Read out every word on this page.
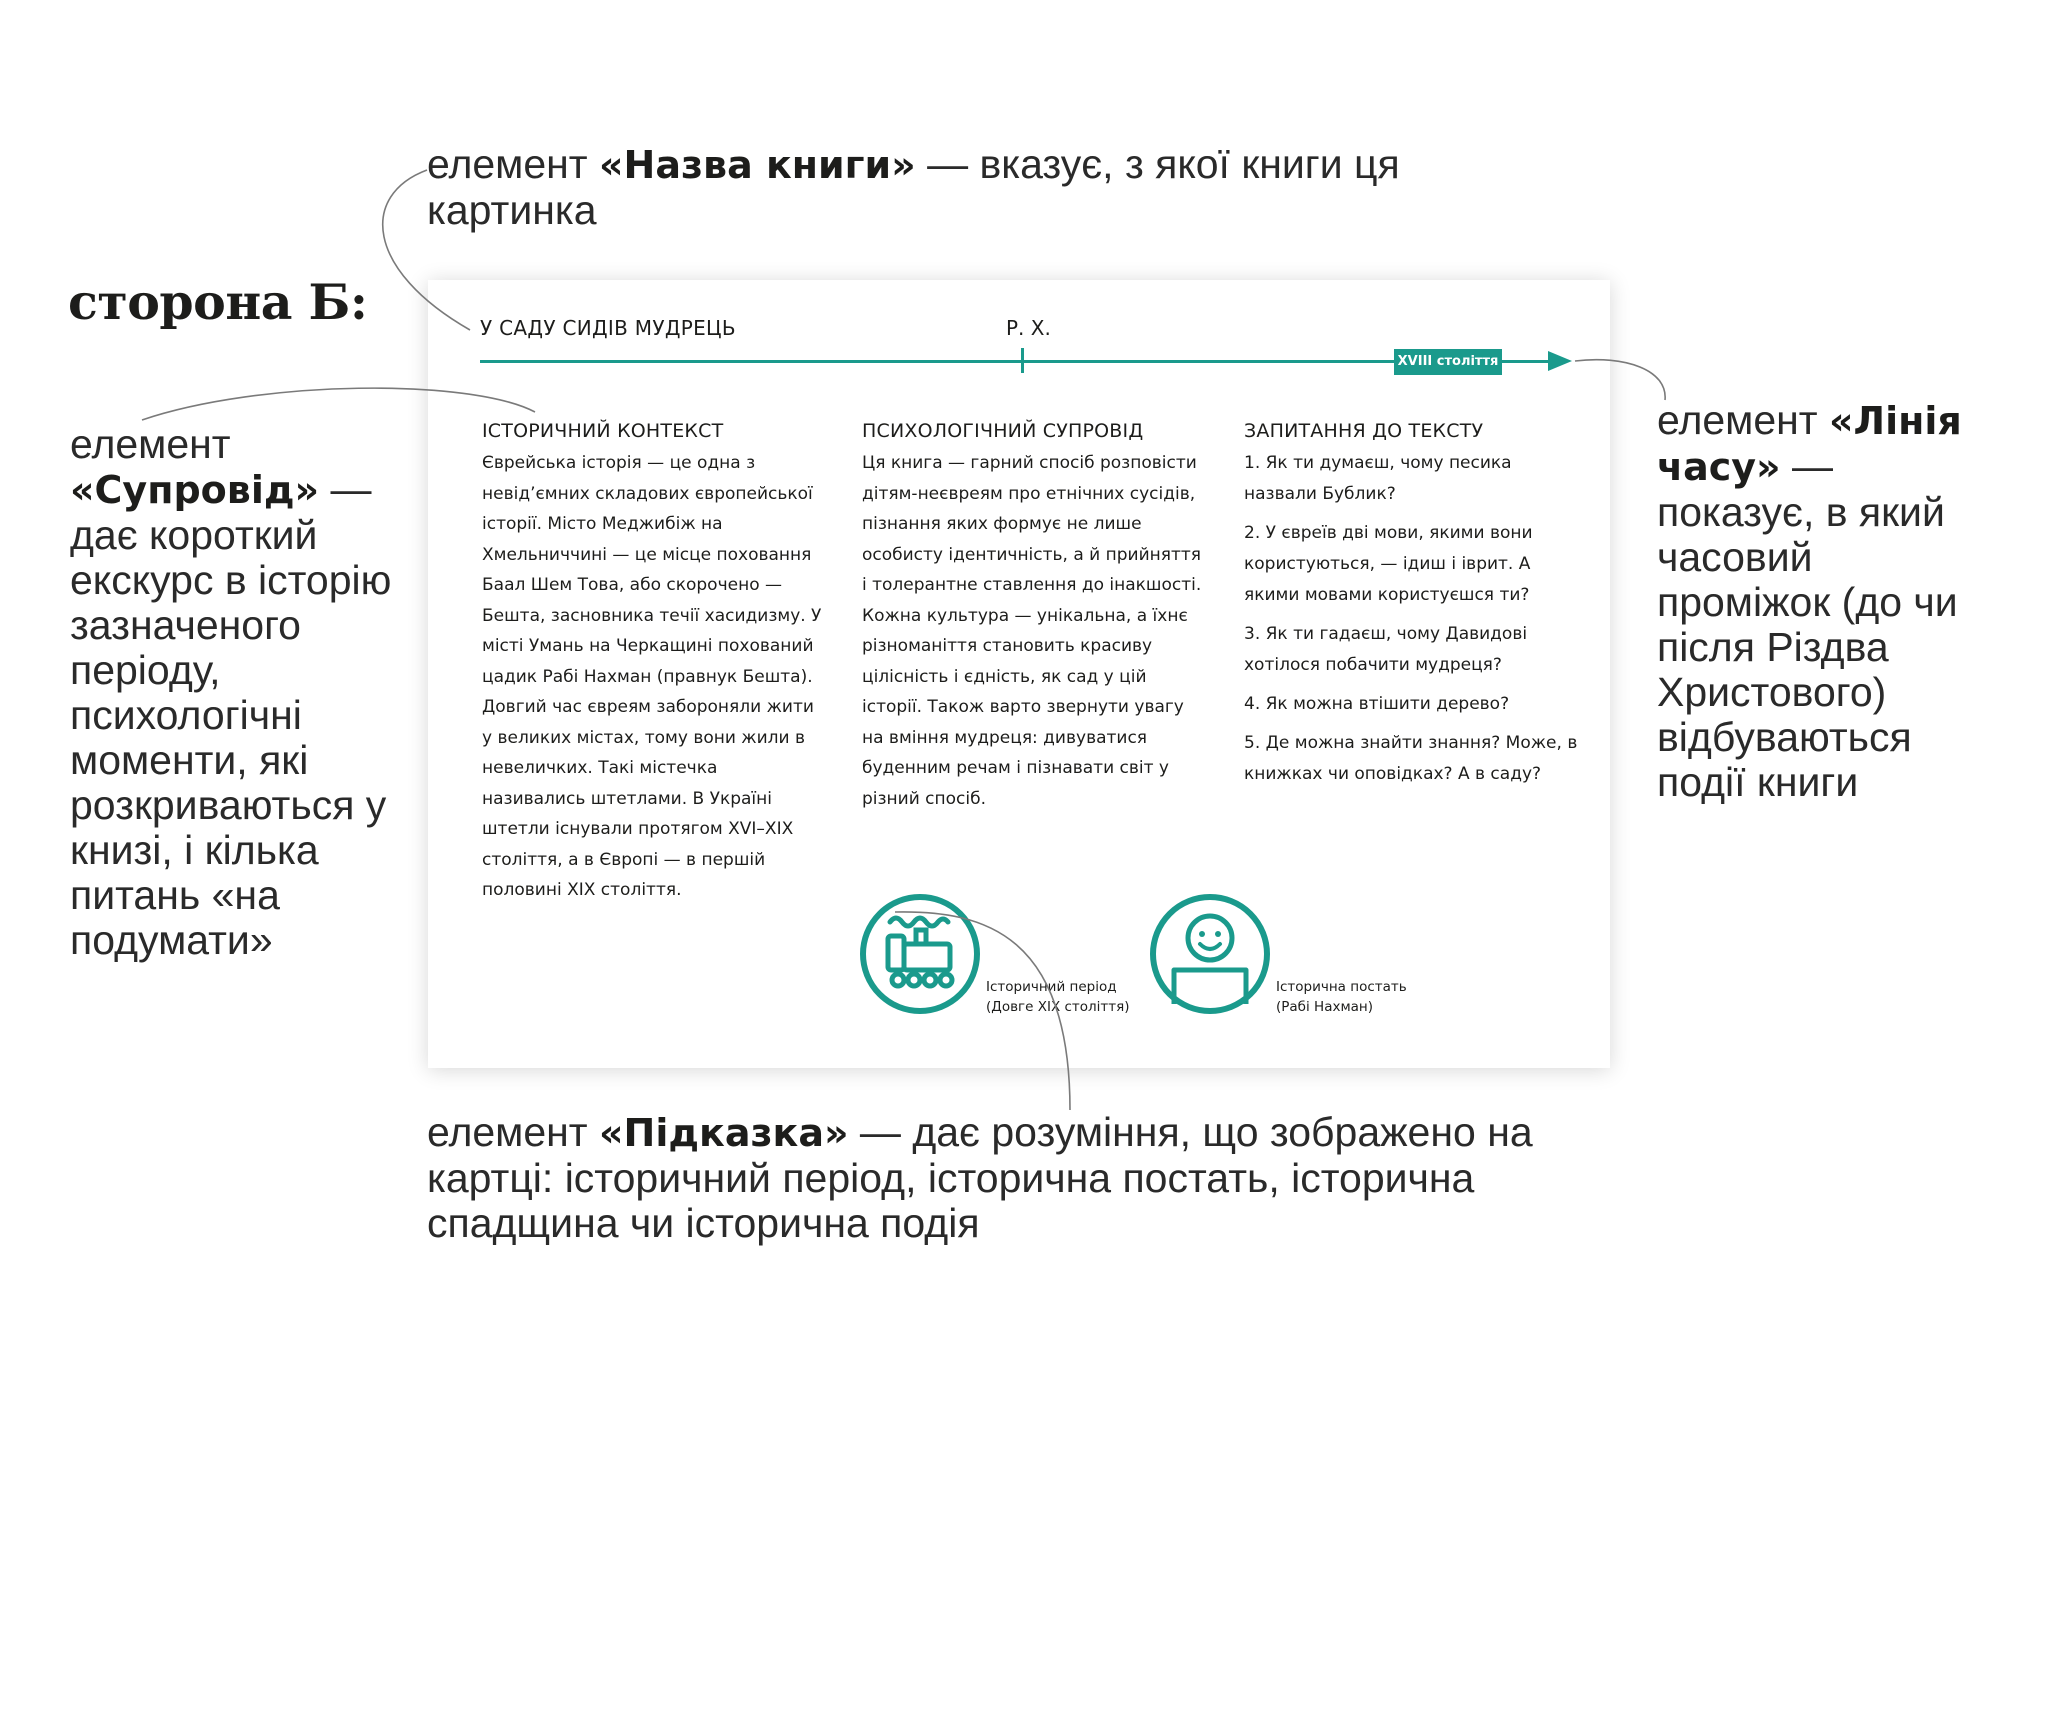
сторона Б:

елемент «Назва книги» — вказує, з якої книги ця картинка

елемент «Супровід» — дає короткий екскурс в історію зазначеного періоду, психологічні моменти, які розкриваються у книзі, і кілька питань «на подумати»

елемент «Лінія часу» — показує, в який часовий проміжок (до чи після Різдва Христового) відбуваються події книги

елемент «Підказка» — дає розуміння, що зображено на картці: історичний період, історична постать, історична спадщина чи історична подія

У САДУ СИДІВ МУДРЕЦЬ	Р. Х.
XVIII століття
ІСТОРИЧНИЙ КОНТЕКСТ

Єврейська історія — це одна з невід’ємних складових європейської історії. Місто Меджибіж на Хмельниччині — це місце поховання Баал Шем Това, або скорочено — Бешта, засновника течії хасидизму. У місті Умань на Черкащині похований цадик Рабі Нахман (правнук Бешта). Довгий час євреям забороняли жити у великих містах, тому вони жили в невеличких. Такі містечка називались штетлами. В Україні штетли існували протягом XVI–XIX століття, а в Європі — в першій половині XIX століття.

ПСИХОЛОГІЧНИЙ СУПРОВІД

Ця книга — гарний спосіб розповісти дітям-неєвреям про етнічних сусідів, пізнання яких формує не лише особисту ідентичність, а й прийняття і толерантне ставлення до інакшості. Кожна культура — унікальна, а їхнє різноманіття становить красиву цілісність і єдність, як сад у цій історії. Також варто звернути увагу на вміння мудреця: дивуватися буденним речам і пізнавати світ у різний спосіб.

ЗАПИТАННЯ ДО ТЕКСТУ

1. Як ти думаєш, чому песика назвали Бублик?

2. У євреїв дві мови, якими вони користуються, — ідиш і іврит. А якими мовами користуєшся ти?

3. Як ти гадаєш, чому Давидові хотілося побачити мудреця?

4. Як можна втішити дерево?

5. Де можна знайти знання? Може, в книжках чи оповідках? А в саду?

Історичний період
(Довге XIX століття)
Історична постать
(Рабі Нахман)
